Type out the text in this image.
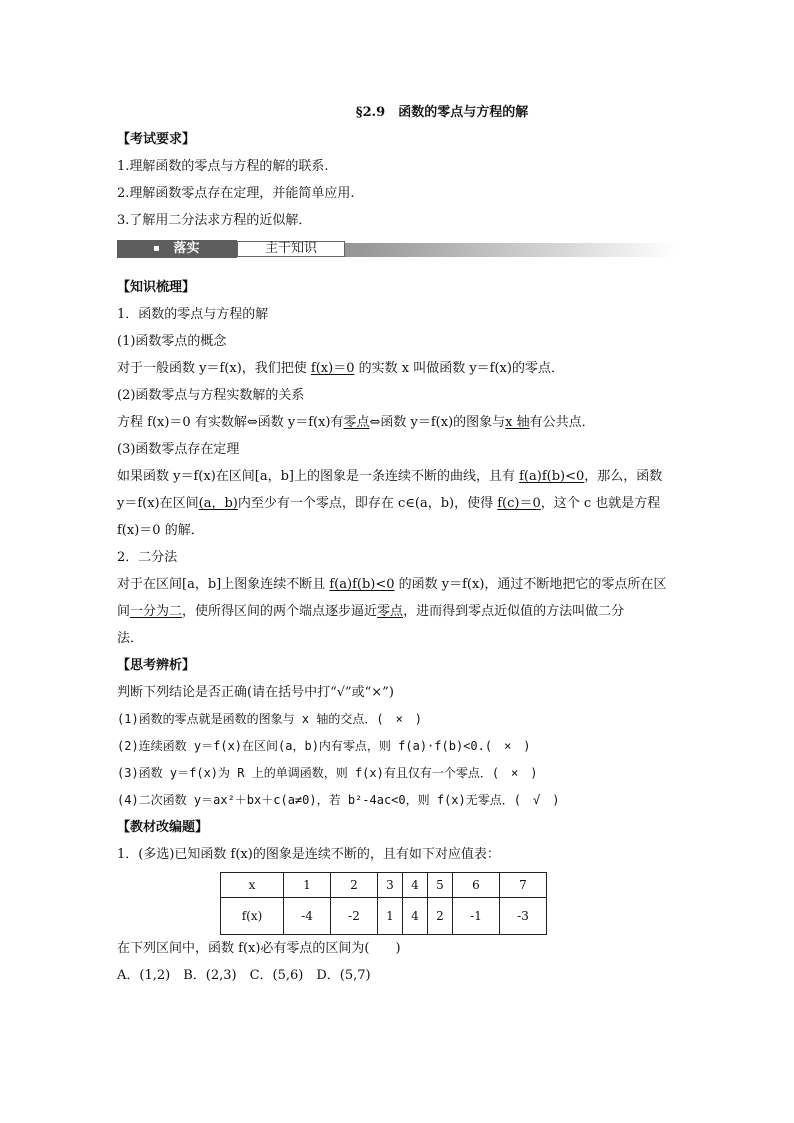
§2.9　函数的零点与方程的解
【考试要求】
1.理解函数的零点与方程的解的联系.
2.理解函数零点存在定理，并能简单应用.
3.了解用二分法求方程的近似解．
落实	主干知识
【知识梳理】
1．函数的零点与方程的解
(1)函数零点的概念
对于一般函数 y＝f(x)，我们把使 f(x)＝0 的实数 x 叫做函数 y＝f(x)的零点．
(2)函数零点与方程实数解的关系
方程 f(x)＝0 有实数解⇔函数 y＝f(x)有零点⇔函数 y＝f(x)的图象与x 轴有公共点．
(3)函数零点存在定理
如果函数 y＝f(x)在区间[a，b]上的图象是一条连续不断的曲线，且有 f(a)f(b)<0，那么，函数
y＝f(x)在区间(a，b)内至少有一个零点，即存在 c∈(a，b)，使得 f(c)＝0，这个 c 也就是方程
f(x)＝0 的解．
2．二分法
对于在区间[a，b]上图象连续不断且 f(a)f(b)<0 的函数 y＝f(x)，通过不断地把它的零点所在区
间一分为二，使所得区间的两个端点逐步逼近零点，进而得到零点近似值的方法叫做二分
法．
【思考辨析】
判断下列结论是否正确(请在括号中打“√”或“×”)
(1)函数的零点就是函数的图象与 x 轴的交点．(　×　)
(2)连续函数 y＝f(x)在区间(a，b)内有零点，则 f(a)·f(b)<0.(　×　)
(3)函数 y＝f(x)为 R 上的单调函数，则 f(x)有且仅有一个零点．(　×　)
(4)二次函数 y＝ax²＋bx＋c(a≠0)，若 b²-4ac<0，则 f(x)无零点．(　√　)
【教材改编题】
1．(多选)已知函数 f(x)的图象是连续不断的，且有如下对应值表：
x	1	2	3	4	5	6	7
f(x)	-4	-2	1	4	2	-1	-3
在下列区间中，函数 f(x)必有零点的区间为(　　)
A．(1,2)　B．(2,3)　C．(5,6)　D．(5,7)
